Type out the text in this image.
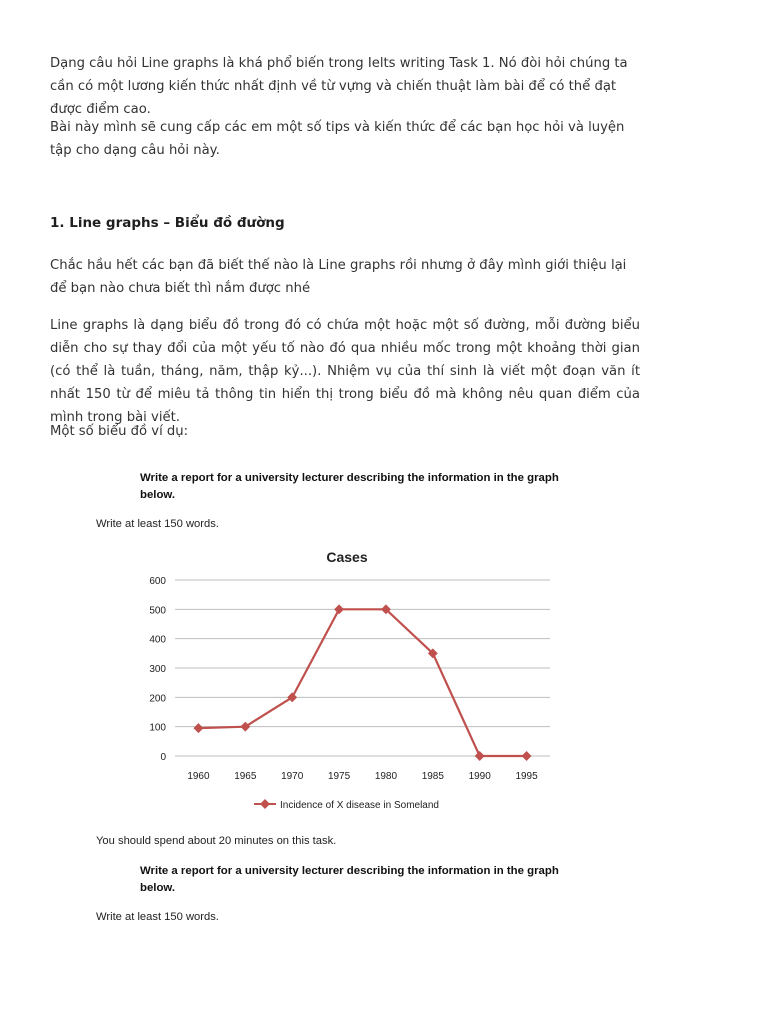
Dạng câu hỏi Line graphs là khá phổ biến trong Ielts writing Task 1. Nó đòi hỏi chúng ta cần có một lương kiến thức nhất định về từ vựng và chiến thuật làm bài để có thể đạt được điểm cao.

Bài này mình sẽ cung cấp các em một số tips và kiến thức để các bạn học hỏi và luyện tập cho dạng câu hỏi này.

1. Line graphs – Biểu đồ đường

Chắc hầu hết các bạn đã biết thế nào là Line graphs rồi nhưng ở đây mình giới thiệu lại để bạn nào chưa biết thì nắm được nhé

Line graphs là dạng biểu đồ trong đó có chứa một hoặc một số đường, mỗi đường biểu diễn cho sự thay đổi của một yếu tố nào đó qua nhiều mốc trong một khoảng thời gian (có thể là tuần, tháng, năm, thập kỷ...). Nhiệm vụ của thí sinh là viết một đoạn văn ít nhất 150 từ để miêu tả thông tin hiển thị trong biểu đồ mà không nêu quan điểm của mình trong bài viết.

Một số biểu đồ ví dụ:

Write a report for a university lecturer describing the information in the graph below.

Write at least 150 words.

Cases
0
100
200
300
400
500
600
1960 1965 1970 1975 1980 1985 1990 1995
Incidence of X disease in Someland

You should spend about 20 minutes on this task.

Write a report for a university lecturer describing the information in the graph below.

Write at least 150 words.
